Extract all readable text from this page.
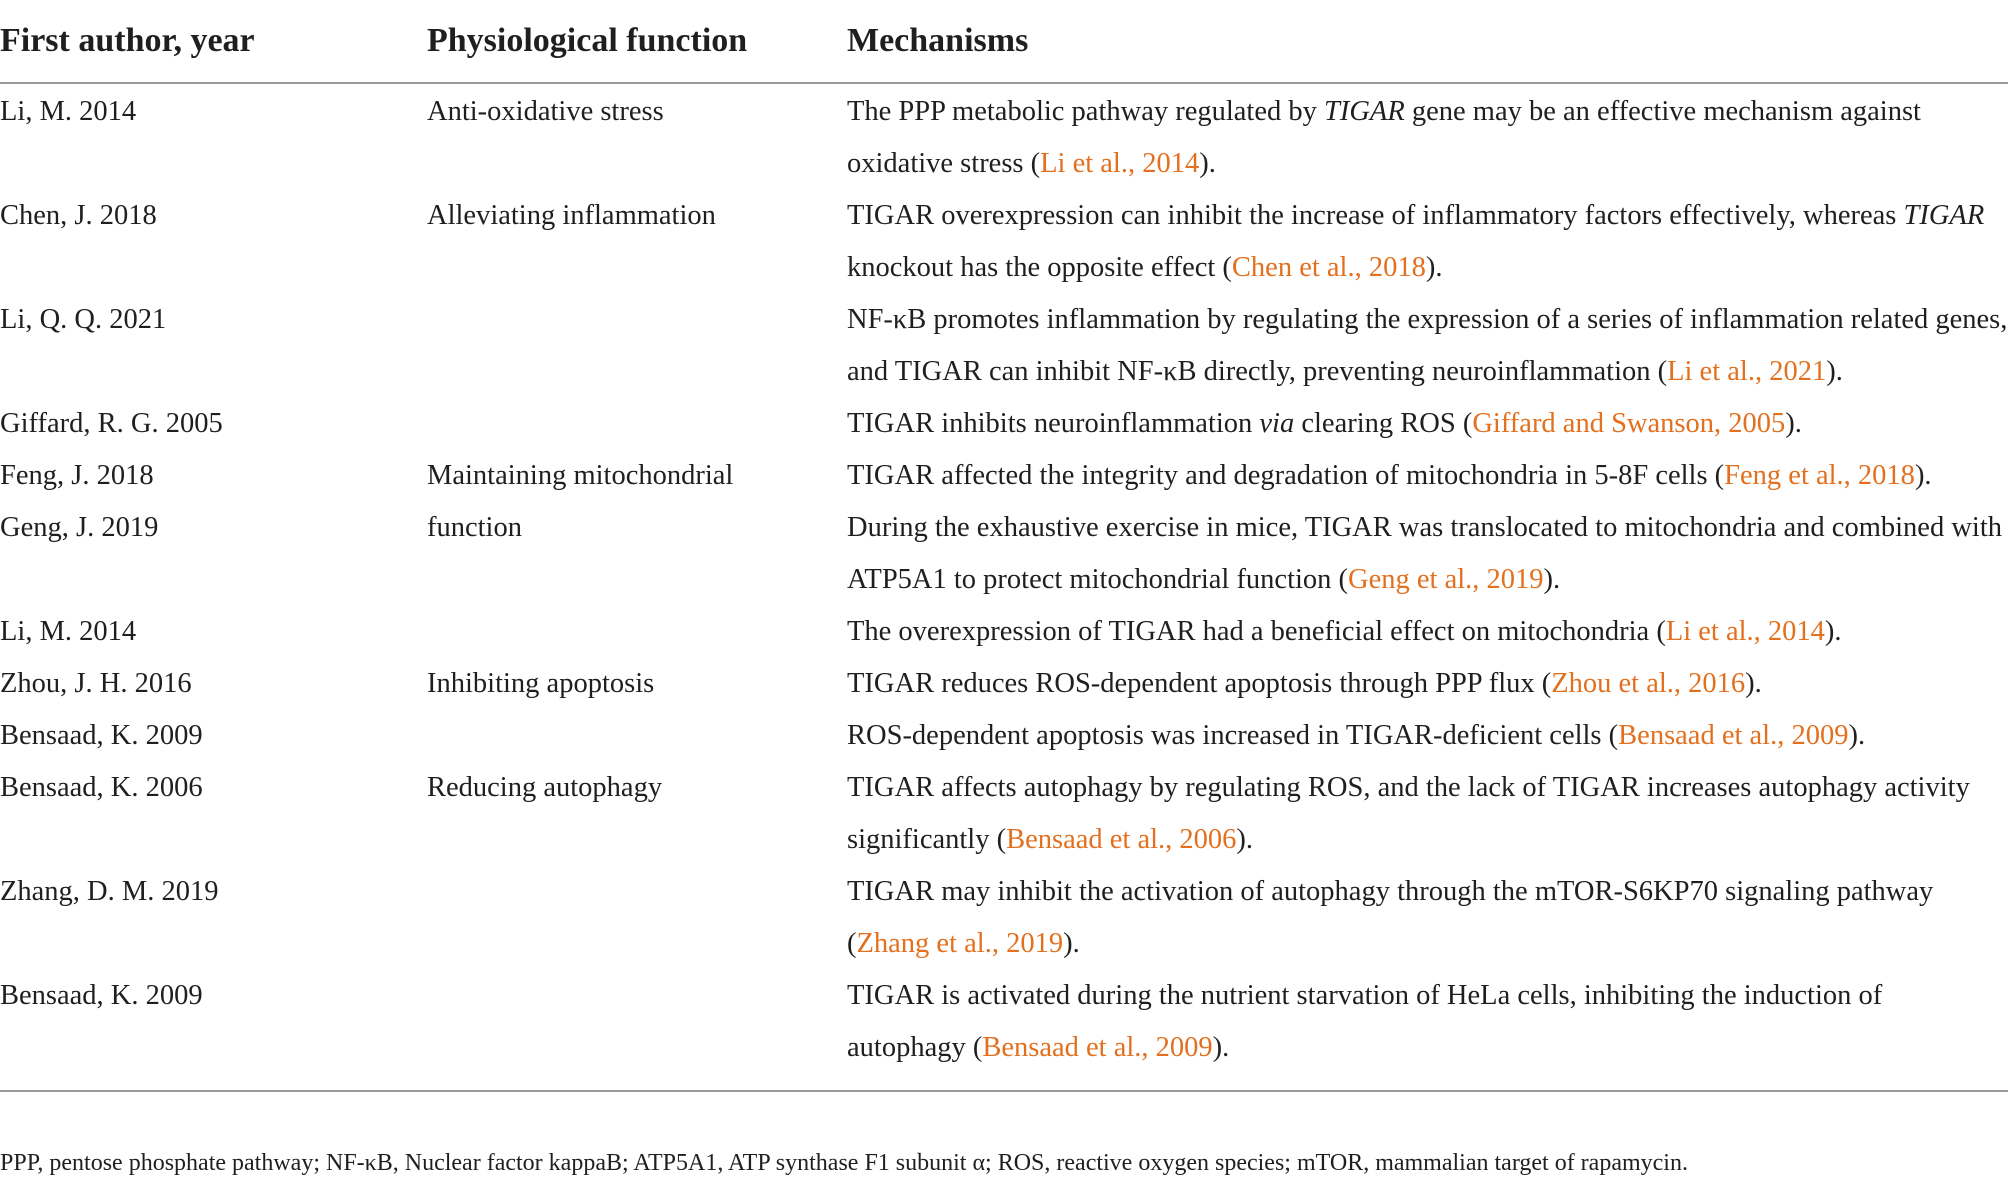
First author, year	Physiological function	Mechanisms
Li, M. 2014	Anti-oxidative stress	The PPP metabolic pathway regulated by TIGAR gene may be an effective mechanism against oxidative stress (Li et al., 2014).
Chen, J. 2018	Alleviating inflammation	TIGAR overexpression can inhibit the increase of inflammatory factors effectively, whereas TIGAR knockout has the opposite effect (Chen et al., 2018).
Li, Q. Q. 2021		NF-κB promotes inflammation by regulating the expression of a series of inflammation related genes, and TIGAR can inhibit NF-κB directly, preventing neuroinflammation (Li et al., 2021).
Giffard, R. G. 2005		TIGAR inhibits neuroinflammation via clearing ROS (Giffard and Swanson, 2005).
Feng, J. 2018	Maintaining mitochondrial	TIGAR affected the integrity and degradation of mitochondria in 5-8F cells (Feng et al., 2018).
Geng, J. 2019	function	During the exhaustive exercise in mice, TIGAR was translocated to mitochondria and combined with ATP5A1 to protect mitochondrial function (Geng et al., 2019).
Li, M. 2014		The overexpression of TIGAR had a beneficial effect on mitochondria (Li et al., 2014).
Zhou, J. H. 2016	Inhibiting apoptosis	TIGAR reduces ROS-dependent apoptosis through PPP flux (Zhou et al., 2016).
Bensaad, K. 2009		ROS-dependent apoptosis was increased in TIGAR-deficient cells (Bensaad et al., 2009).
Bensaad, K. 2006	Reducing autophagy	TIGAR affects autophagy by regulating ROS, and the lack of TIGAR increases autophagy activity significantly (Bensaad et al., 2006).
Zhang, D. M. 2019		TIGAR may inhibit the activation of autophagy through the mTOR-S6KP70 signaling pathway (Zhang et al., 2019).
Bensaad, K. 2009		TIGAR is activated during the nutrient starvation of HeLa cells, inhibiting the induction of autophagy (Bensaad et al., 2009).
PPP, pentose phosphate pathway; NF-κB, Nuclear factor kappaB; ATP5A1, ATP synthase F1 subunit α; ROS, reactive oxygen species; mTOR, mammalian target of rapamycin.
